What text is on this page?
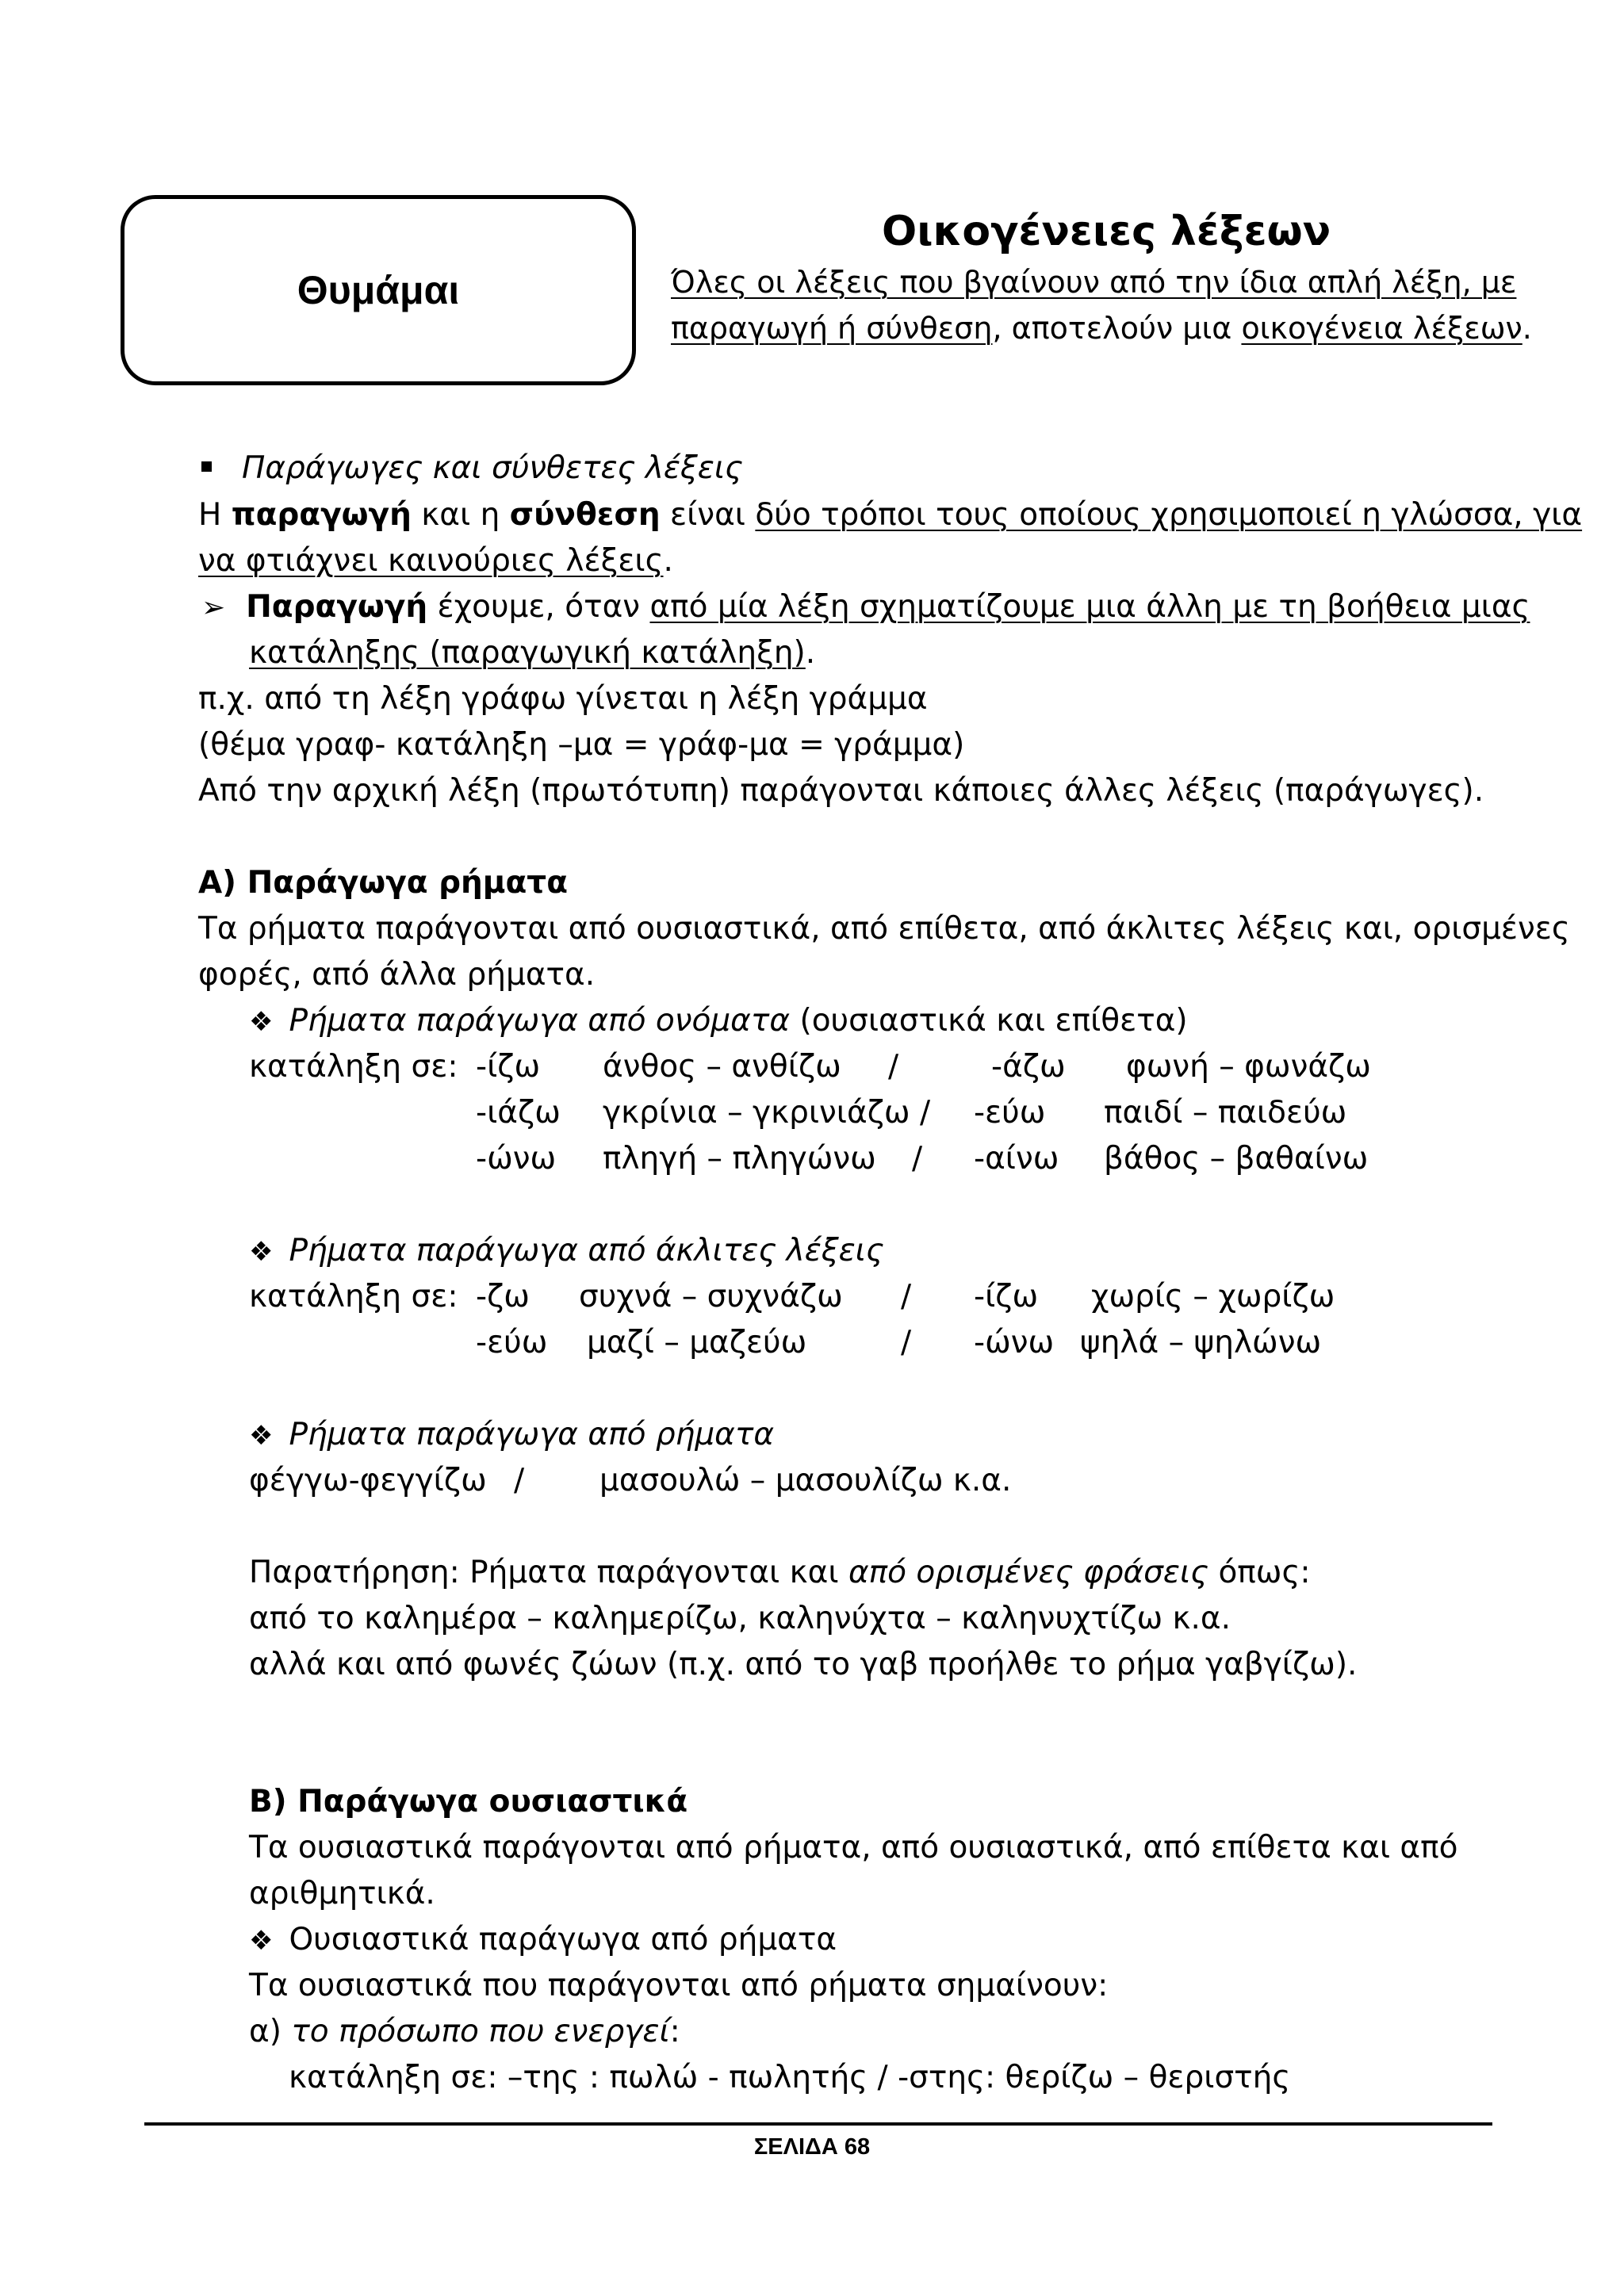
Θυμάμαι
Οικογένειες λέξεων
Όλες οι λέξεις που βγαίνουν από την ίδια απλή λέξη, με
παραγωγή ή σύνθεση, αποτελούν μια οικογένεια λέξεων.
Παράγωγες και σύνθετες λέξεις
Η παραγωγή και η σύνθεση είναι δύο τρόποι τους οποίους χρησιμοποιεί η γλώσσα, για
να φτιάχνει καινούριες λέξεις.
➢ Παραγωγή έχουμε, όταν από μία λέξη σχηματίζουμε μια άλλη με τη βοήθεια μιας
κατάληξης (παραγωγική κατάληξη).
π.χ. από τη λέξη γράφω γίνεται η λέξη γράμμα
(θέμα γραφ- κατάληξη –μα = γράφ-μα = γράμμα)
Από την αρχική λέξη (πρωτότυπη) παράγονται κάποιες άλλες λέξεις (παράγωγες).
Α) Παράγωγα ρήματα
Τα ρήματα παράγονται από ουσιαστικά, από επίθετα, από άκλιτες λέξεις και, ορισμένες
φορές, από άλλα ρήματα.
❖ Ρήματα παράγωγα από ονόματα (ουσιαστικά και επίθετα)
κατάληξη σε: -ίζω άνθος – ανθίζω /	-άζω φωνή – φωνάζω
-ιάζω γκρίνια – γκρινιάζω / -εύω παιδί – παιδεύω
-ώνω πληγή – πληγώνω / -αίνω βάθος – βαθαίνω
❖ Ρήματα παράγωγα από άκλιτες λέξεις
κατάληξη σε: -ζω συχνά – συχνάζω / -ίζω χωρίς – χωρίζω
-εύω μαζί – μαζεύω	/ -ώνω ψηλά – ψηλώνω
❖ Ρήματα παράγωγα από ρήματα
φέγγω-φεγγίζω / μασουλώ – μασουλίζω κ.α.
Παρατήρηση: Ρήματα παράγονται και από ορισμένες φράσεις όπως:
από το καλημέρα – καλημερίζω, καληνύχτα – καληνυχτίζω κ.α.
αλλά και από φωνές ζώων (π.χ. από το γαβ προήλθε το ρήμα γαβγίζω).
Β) Παράγωγα ουσιαστικά
Τα ουσιαστικά παράγονται από ρήματα, από ουσιαστικά, από επίθετα και από
αριθμητικά.
❖ Ουσιαστικά παράγωγα από ρήματα
Τα ουσιαστικά που παράγονται από ρήματα σημαίνουν:
α) το πρόσωπο που ενεργεί:
κατάληξη σε: –της : πωλώ - πωλητής / -στης: θερίζω – θεριστής
ΣΕΛΙΔΑ 68
